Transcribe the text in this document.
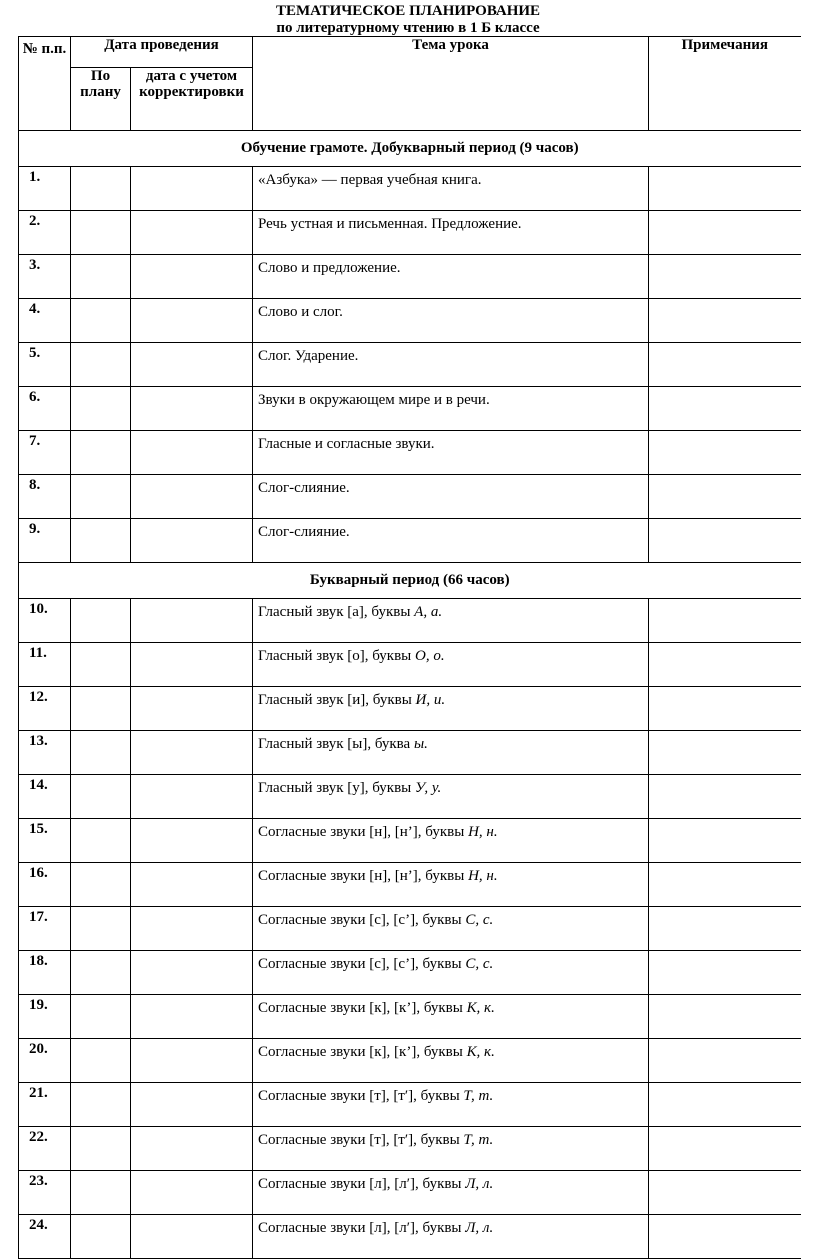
ТЕМАТИЧЕСКОЕ ПЛАНИРОВАНИЕ
по литературному чтению в 1 Б классе
№ п.п.	Дата проведения		Тема урока	Примечания
	По плану	дата с учетом корректировки		
Обучение грамоте. Добукварный период (9 часов)				
1.			«Азбука» — первая учебная книга.	
2.			Речь устная и письменная. Предложение.	
3.			Слово и предложение.	
4.			Слово и слог.	
5.			Слог. Ударение.	
6.			Звуки в окружающем мире и в речи.	
7.			Гласные и согласные звуки.	
8.			Слог-слияние.	
9.			Слог-слияние.	
Букварный период (66 часов)				
10.			Гласный звук [а], буквы А, а.	
11.			Гласный звук [о], буквы О, о.	
12.			Гласный звук [и], буквы И, и.	
13.			Гласный звук [ы], буква ы.	
14.			Гласный звук [у], буквы У, у.	
15.			Согласные звуки [н], [н’], буквы Н, н.	
16.			Согласные звуки [н], [н’], буквы Н, н.	
17.			Согласные звуки [с], [с’], буквы С, с.	
18.			Согласные звуки [с], [с’], буквы С, с.	
19.			Согласные звуки [к], [к’], буквы К, к.	
20.			Согласные звуки [к], [к’], буквы К, к.	
21.			Согласные звуки [т], [т′], буквы Т, т.	
22.			Согласные звуки [т], [т′], буквы Т, т.	
23.			Согласные звуки [л], [л′], буквы Л, л.	
24.			Согласные звуки [л], [л′], буквы Л, л.	
